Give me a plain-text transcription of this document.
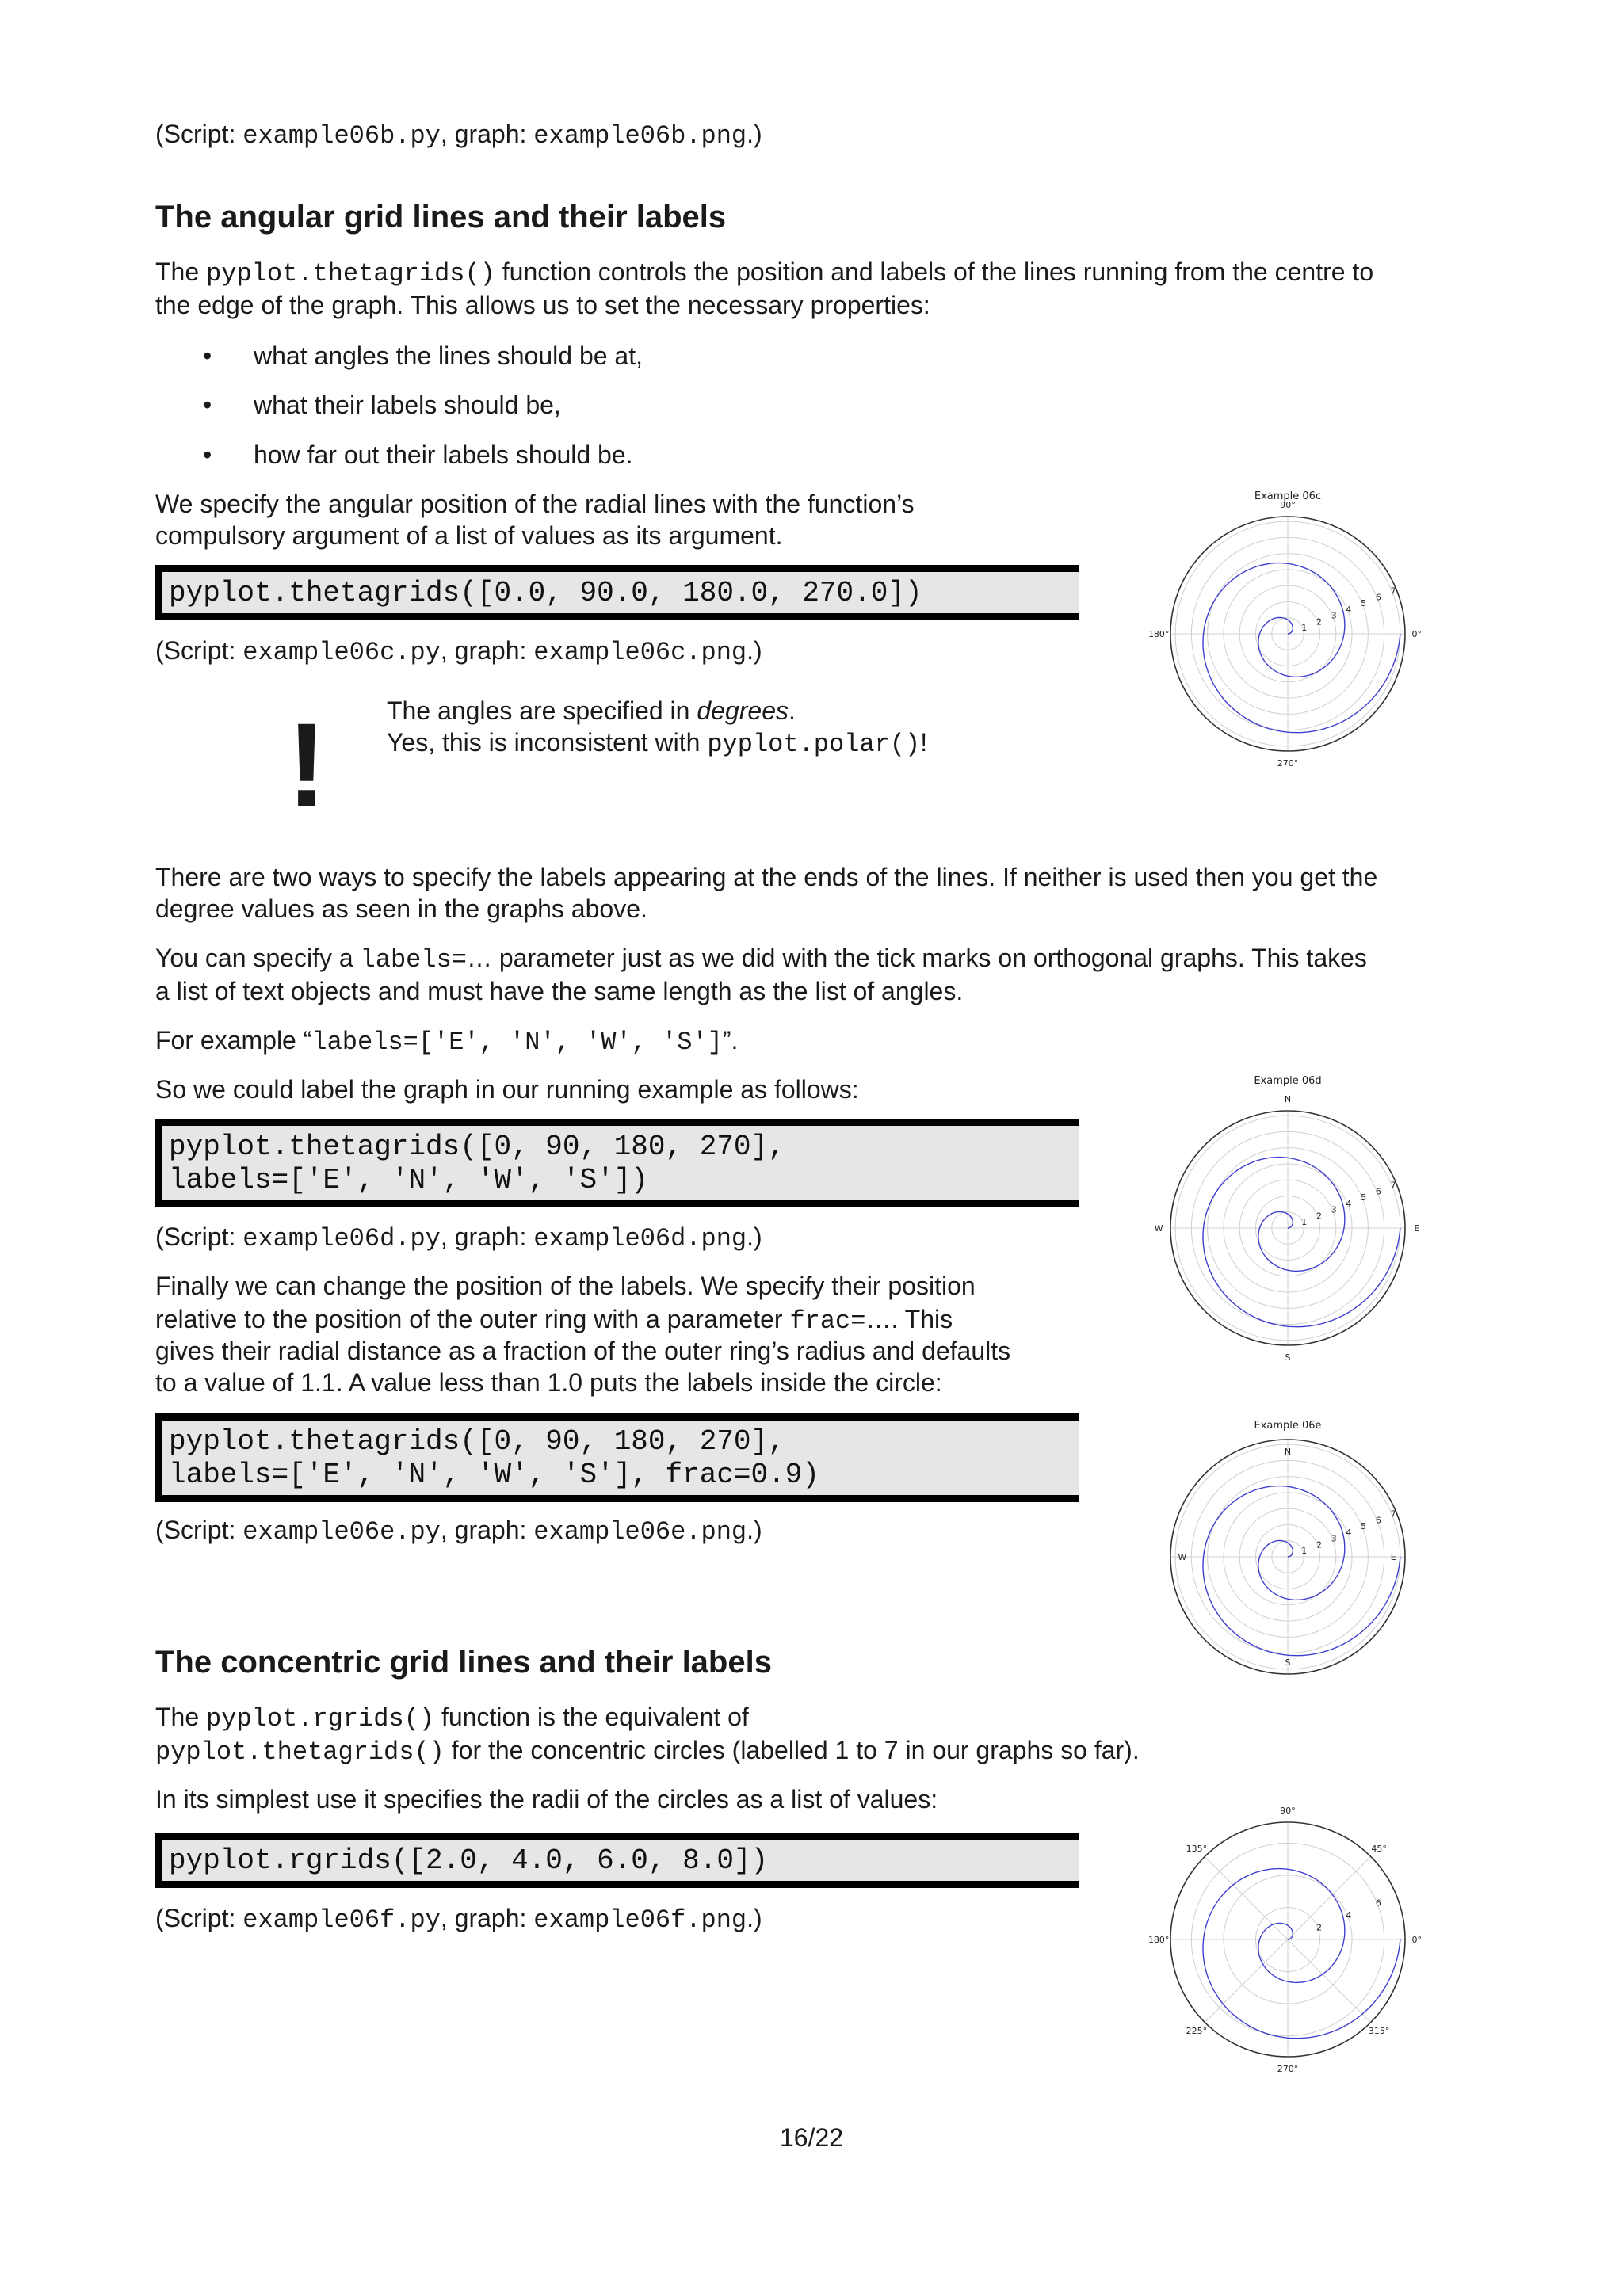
(Script: example06b.py, graph: example06b.png.)

The angular grid lines and their labels

The pyplot.thetagrids() function controls the position and labels of the lines running from the centre to

the edge of the graph. This allows us to set the necessary properties:

• what angles the lines should be at,
• what their labels should be,
• how far out their labels should be.

We specify the angular position of the radial lines with the function’s

compulsory argument of a list of values as its argument.

pyplot.thetagrids([0.0, 90.0, 180.0, 270.0])

(Script: example06c.py, graph: example06c.png.)

! The angles are specified in degrees.

Yes, this is inconsistent with pyplot.polar()!

There are two ways to specify the labels appearing at the ends of the lines. If neither is used then you get the

degree values as seen in the graphs above.

You can specify a labels=… parameter just as we did with the tick marks on orthogonal graphs. This takes

a list of text objects and must have the same length as the list of angles.

For example “labels=['E', 'N', 'W', 'S']”.

So we could label the graph in our running example as follows:

pyplot.thetagrids([0, 90, 180, 270],
labels=['E', 'N', 'W', 'S'])

(Script: example06d.py, graph: example06d.png.)

Finally we can change the position of the labels. We specify their position

relative to the position of the outer ring with a parameter frac=…. This

gives their radial distance as a fraction of the outer ring’s radius and defaults

to a value of 1.1. A value less than 1.0 puts the labels inside the circle:

pyplot.thetagrids([0, 90, 180, 270],
labels=['E', 'N', 'W', 'S'], frac=0.9)

(Script: example06e.py, graph: example06e.png.)

The concentric grid lines and their labels

The pyplot.rgrids() function is the equivalent of

pyplot.thetagrids() for the concentric circles (labelled 1 to 7 in our graphs so far).

In its simplest use it specifies the radii of the circles as a list of values:

pyplot.rgrids([2.0, 4.0, 6.0, 8.0])

(Script: example06f.py, graph: example06f.png.)

Example 06c
1
2
3
4
5
6
7
0°
90°
180°
270°
Example 06d
1
2
3
4
5
6
7
E
N
W
S
Example 06e
1
2
3
4
5
6
7
E
N
W
S
2
4
6
0°
45°
90°
135°
180°
225°
270°
315°
16/22
